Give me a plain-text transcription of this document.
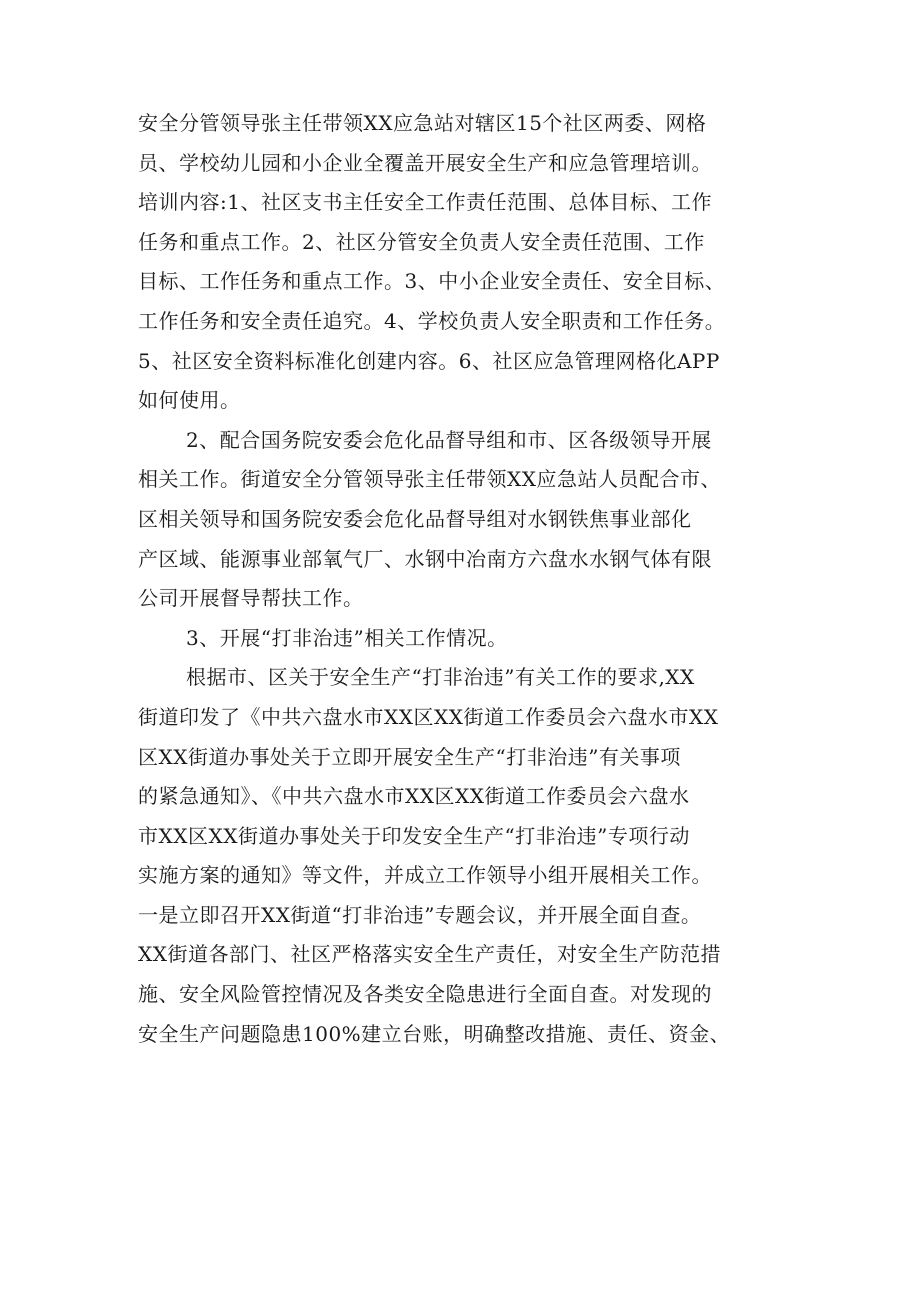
安全分管领导张主任带领XX应急站对辖区15个社区两委、网格
员、学校幼儿园和小企业全覆盖开展安全生产和应急管理培训。
培训内容:1、社区支书主任安全工作责任范围、总体目标、工作
任务和重点工作。2、社区分管安全负责人安全责任范围、工作
目标、工作任务和重点工作。3、中小企业安全责任、安全目标、
工作任务和安全责任追究。4、学校负责人安全职责和工作任务。
5、社区安全资料标准化创建内容。6、社区应急管理网格化APP
如何使用。
2、配合国务院安委会危化品督导组和市、区各级领导开展
相关工作。街道安全分管领导张主任带领XX应急站人员配合市、
区相关领导和国务院安委会危化品督导组对水钢铁焦事业部化
产区域、能源事业部氧气厂、水钢中冶南方六盘水水钢气体有限
公司开展督导帮扶工作。
3、开展“打非治违”相关工作情况。
根据市、区关于安全生产“打非治违”有关工作的要求,XX
街道印发了《中共六盘水市XX区XX街道工作委员会六盘水市XX
区XX街道办事处关于立即开展安全生产“打非治违”有关事项
的紧急通知》、《中共六盘水市XX区XX街道工作委员会六盘水
市XX区XX街道办事处关于印发安全生产“打非治违”专项行动
实施方案的通知》等文件，并成立工作领导小组开展相关工作。
一是立即召开XX街道“打非治违”专题会议，并开展全面自查。
XX街道各部门、社区严格落实安全生产责任，对安全生产防范措
施、安全风险管控情况及各类安全隐患进行全面自查。对发现的
安全生产问题隐患100%建立台账，明确整改措施、责任、资金、
